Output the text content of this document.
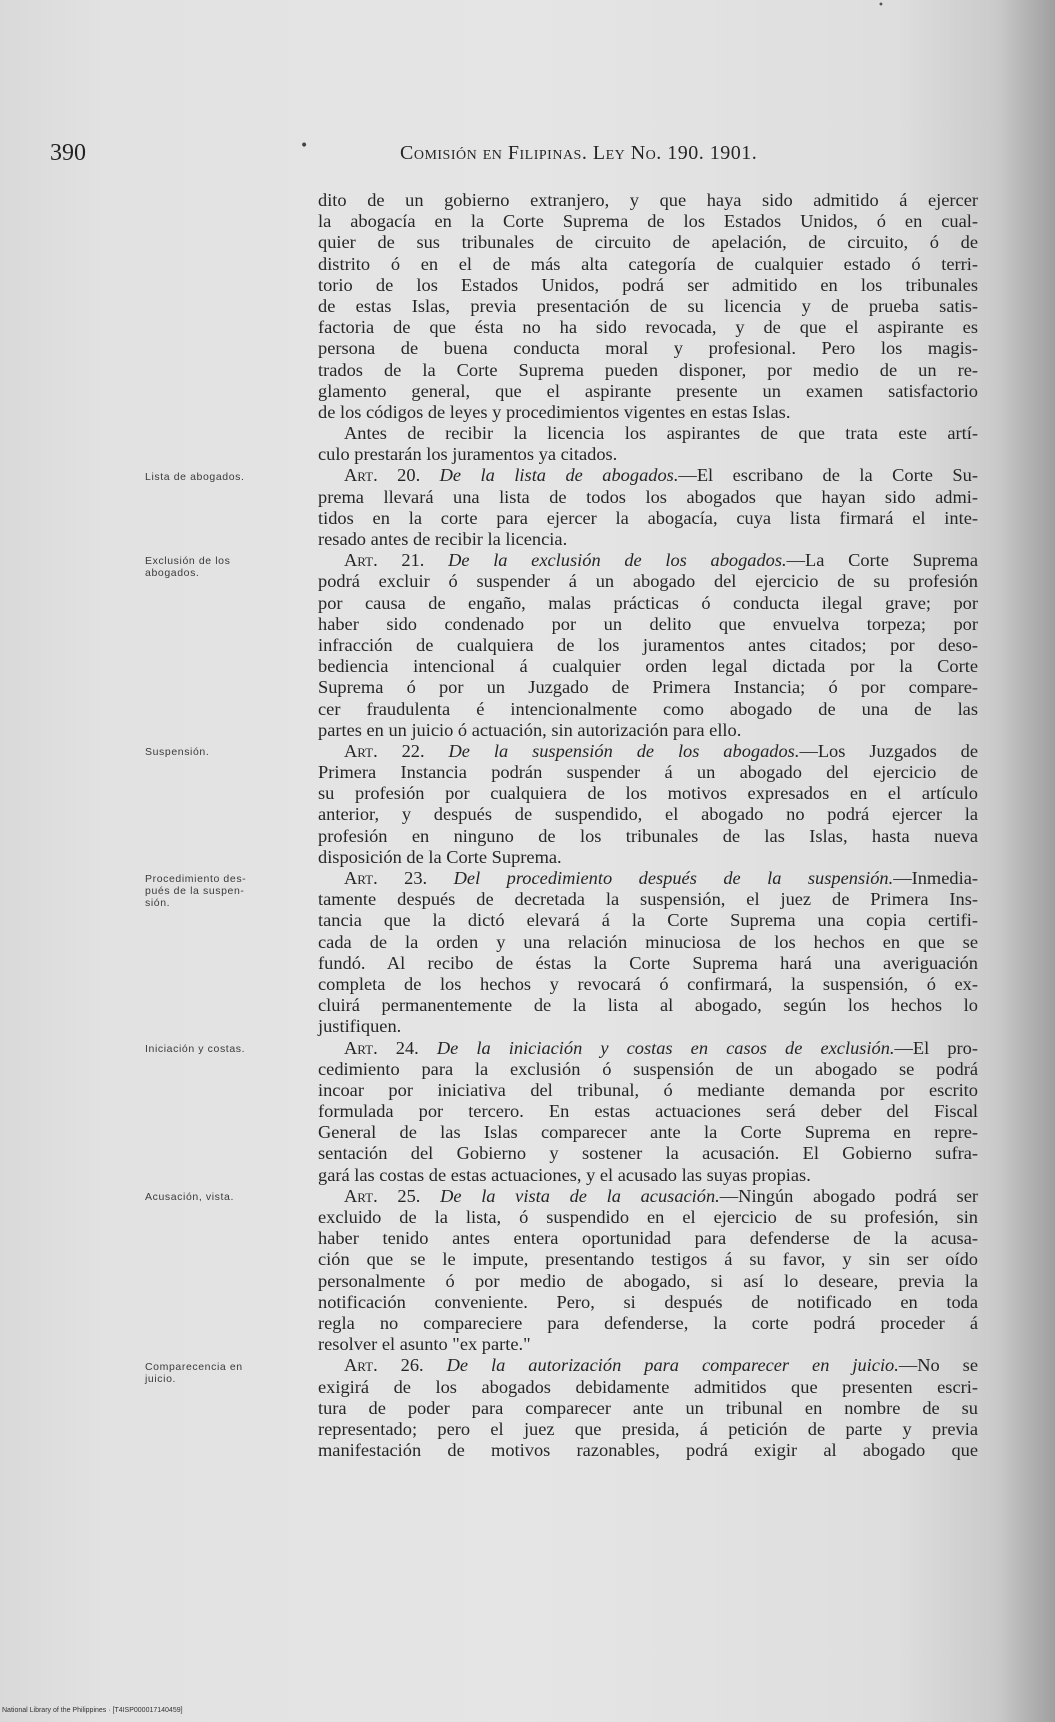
•
390	•	Comisión en Filipinas. Ley No. 190. 1901.
Lista de abogados.
Exclusión de los
abogados.
Suspensión.
Procedimiento des-
pués de la suspen-
sión.
Iniciación y costas.
Acusación, vista.
Comparecencia en
juicio.
dito de un gobierno extranjero, y que haya sido admitido á ejercer
la abogacía en la Corte Suprema de los Estados Unidos, ó en cual-
quier de sus tribunales de circuito de apelación, de circuito, ó de
distrito ó en el de más alta categoría de cualquier estado ó terri-
torio de los Estados Unidos, podrá ser admitido en los tribunales
de estas Islas, previa presentación de su licencia y de prueba satis-
factoria de que ésta no ha sido revocada, y de que el aspirante es
persona de buena conducta moral y profesional. Pero los magis-
trados de la Corte Suprema pueden disponer, por medio de un re-
glamento general, que el aspirante presente un examen satisfactorio
de los códigos de leyes y procedimientos vigentes en estas Islas.
Antes de recibir la licencia los aspirantes de que trata este artí-
culo prestarán los juramentos ya citados.
Art. 20. De la lista de abogados.—El escribano de la Corte Su-
prema llevará una lista de todos los abogados que hayan sido admi-
tidos en la corte para ejercer la abogacía, cuya lista firmará el inte-
resado antes de recibir la licencia.
Art. 21. De la exclusión de los abogados.—La Corte Suprema
podrá excluir ó suspender á un abogado del ejercicio de su profesión
por causa de engaño, malas prácticas ó conducta ilegal grave; por
haber sido condenado por un delito que envuelva torpeza; por
infracción de cualquiera de los juramentos antes citados; por deso-
bediencia intencional á cualquier orden legal dictada por la Corte
Suprema ó por un Juzgado de Primera Instancia; ó por compare-
cer fraudulenta é intencionalmente como abogado de una de las
partes en un juicio ó actuación, sin autorización para ello.
Art. 22. De la suspensión de los abogados.—Los Juzgados de
Primera Instancia podrán suspender á un abogado del ejercicio de
su profesión por cualquiera de los motivos expresados en el artículo
anterior, y después de suspendido, el abogado no podrá ejercer la
profesión en ninguno de los tribunales de las Islas, hasta nueva
disposición de la Corte Suprema.
Art. 23. Del procedimiento después de la suspensión.—Inmedia-
tamente después de decretada la suspensión, el juez de Primera Ins-
tancia que la dictó elevará á la Corte Suprema una copia certifi-
cada de la orden y una relación minuciosa de los hechos en que se
fundó. Al recibo de éstas la Corte Suprema hará una averiguación
completa de los hechos y revocará ó confirmará, la suspensión, ó ex-
cluirá permanentemente de la lista al abogado, según los hechos lo
justifiquen.
Art. 24. De la iniciación y costas en casos de exclusión.—El pro-
cedimiento para la exclusión ó suspensión de un abogado se podrá
incoar por iniciativa del tribunal, ó mediante demanda por escrito
formulada por tercero. En estas actuaciones será deber del Fiscal
General de las Islas comparecer ante la Corte Suprema en repre-
sentación del Gobierno y sostener la acusación. El Gobierno sufra-
gará las costas de estas actuaciones, y el acusado las suyas propias.
Art. 25. De la vista de la acusación.—Ningún abogado podrá ser
excluido de la lista, ó suspendido en el ejercicio de su profesión, sin
haber tenido antes entera oportunidad para defenderse de la acusa-
ción que se le impute, presentando testigos á su favor, y sin ser oído
personalmente ó por medio de abogado, si así lo deseare, previa la
notificación conveniente. Pero, si después de notificado en toda
regla no compareciere para defenderse, la corte podrá proceder á
resolver el asunto "ex parte."
Art. 26. De la autorización para comparecer en juicio.—No se
exigirá de los abogados debidamente admitidos que presenten escri-
tura de poder para comparecer ante un tribunal en nombre de su
representado; pero el juez que presida, á petición de parte y previa
manifestación de motivos razonables, podrá exigir al abogado que
National Library of the Philippines · [T4ISP000017140459]
